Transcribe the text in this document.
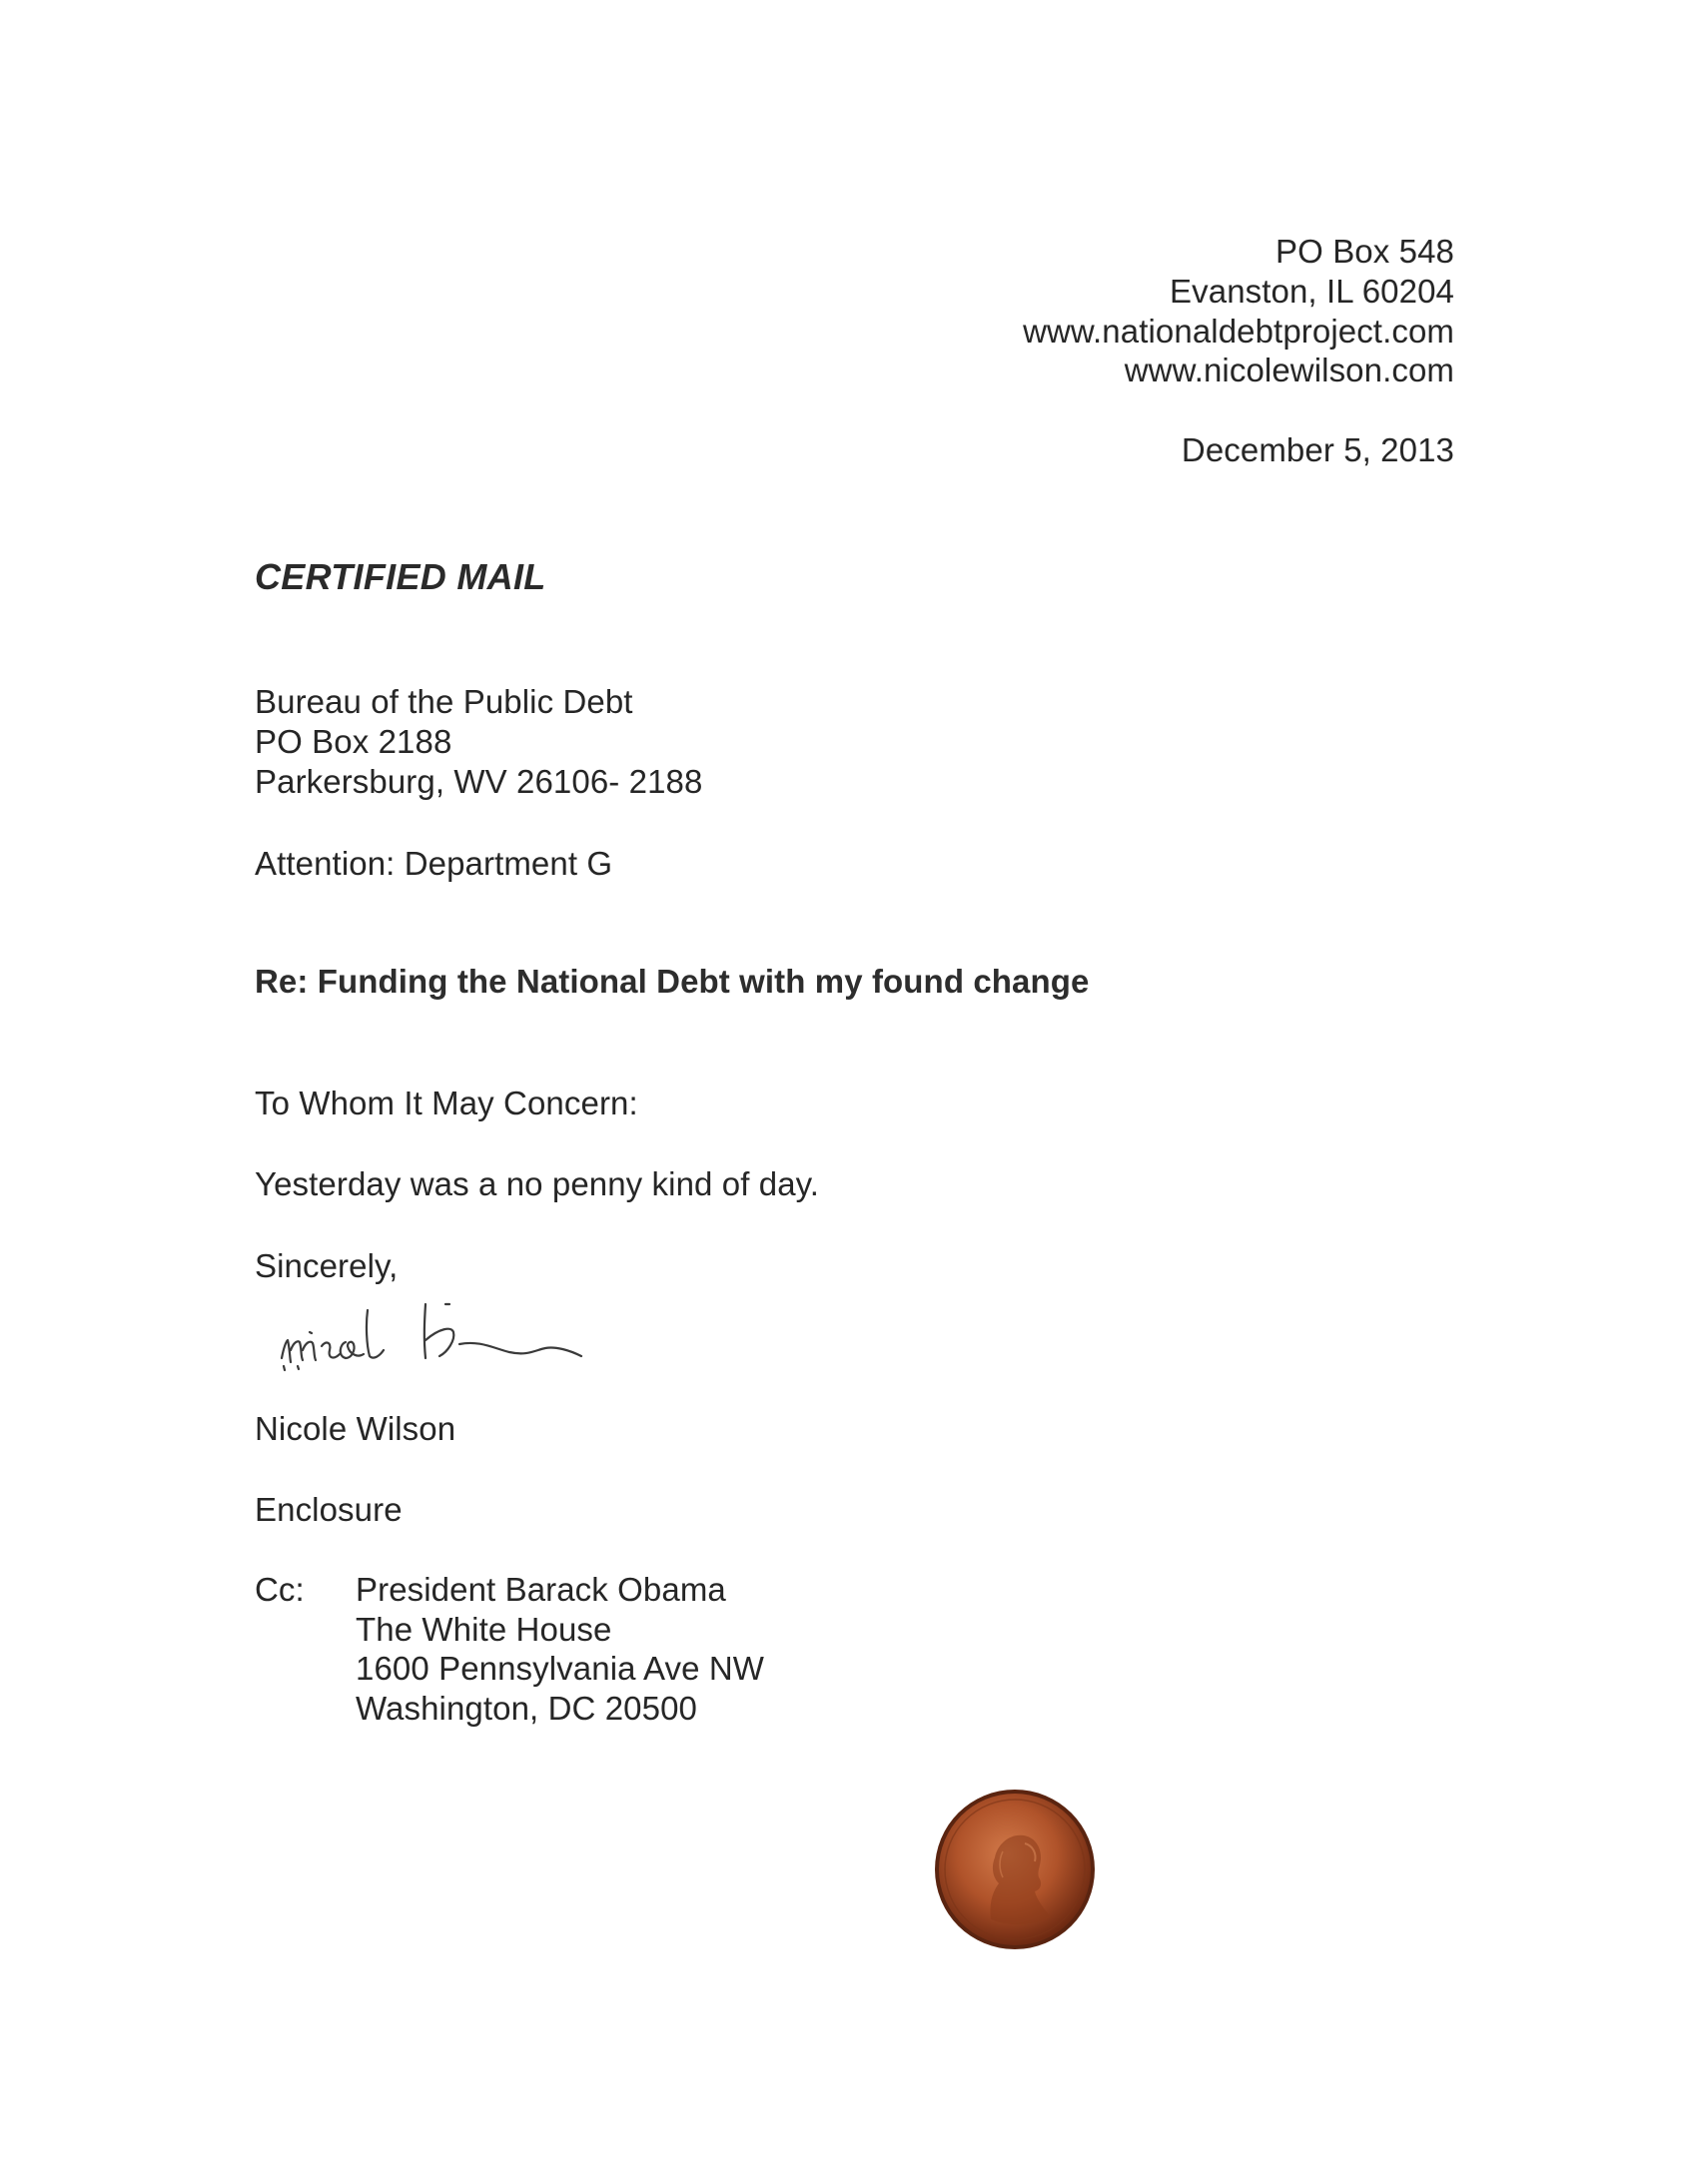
PO Box 548
Evanston, IL 60204
www.nationaldebtproject.com
www.nicolewilson.com
December 5, 2013
CERTIFIED MAIL
Bureau of the Public Debt
PO Box 2188
Parkersburg, WV 26106- 2188
Attention: Department G
Re: Funding the National Debt with my found change
To Whom It May Concern:
Yesterday was a no penny kind of day.
Sincerely,
Nicole Wilson
Enclosure
Cc: President Barack Obama
The White House
1600 Pennsylvania Ave NW
Washington, DC 20500
